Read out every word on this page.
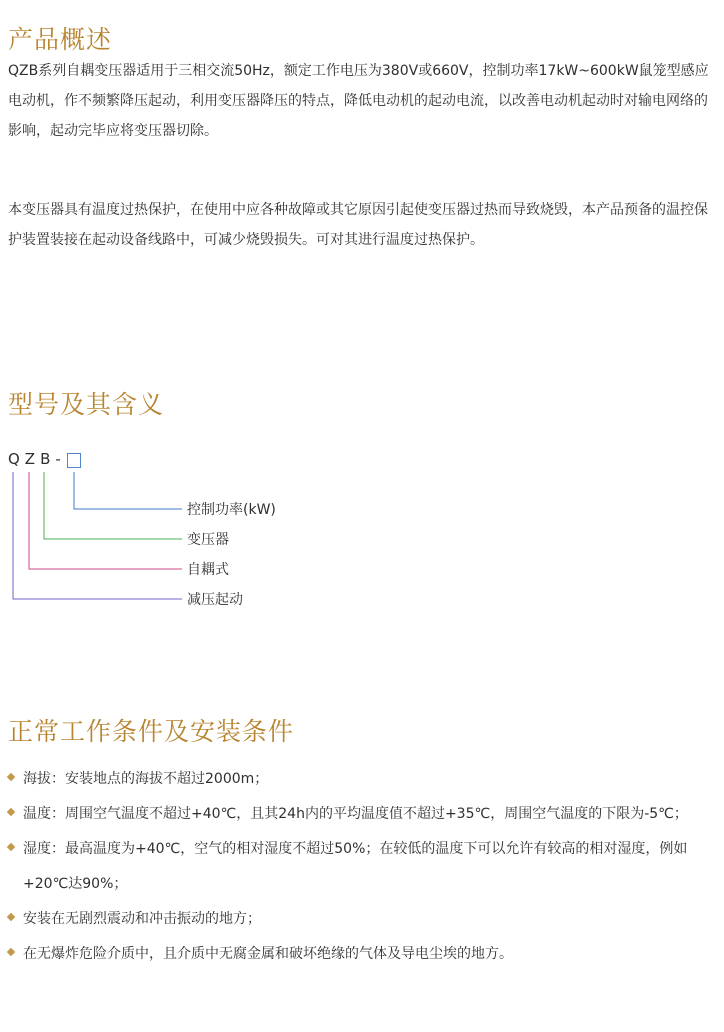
产品概述

QZB系列自耦变压器适用于三相交流50Hz，额定工作电压为380V或660V，控制功率17kW~600kW鼠笼型感应电动机，作不频繁降压起动，利用变压器降压的特点，降低电动机的起动电流，以改善电动机起动时对输电网络的影响，起动完毕应将变压器切除。

本变压器具有温度过热保护，在使用中应各种故障或其它原因引起使变压器过热而导致烧毁，本产品预备的温控保护装置装接在起动设备线路中，可减少烧毁损失。可对其进行温度过热保护。

型号及其含义
QZB-
控制功率(kW)
变压器
自耦式
减压起动
正常工作条件及安装条件
海拔：安装地点的海拔不超过2000m；
温度：周围空气温度不超过+40℃，且其24h内的平均温度值不超过+35℃，周围空气温度的下限为-5℃；
湿度：最高温度为+40℃，空气的相对湿度不超过50%；在较低的温度下可以允许有较高的相对湿度，例如+20℃达90%；
安装在无剧烈震动和冲击振动的地方；
在无爆炸危险介质中，且介质中无腐金属和破坏绝缘的气体及导电尘埃的地方。
